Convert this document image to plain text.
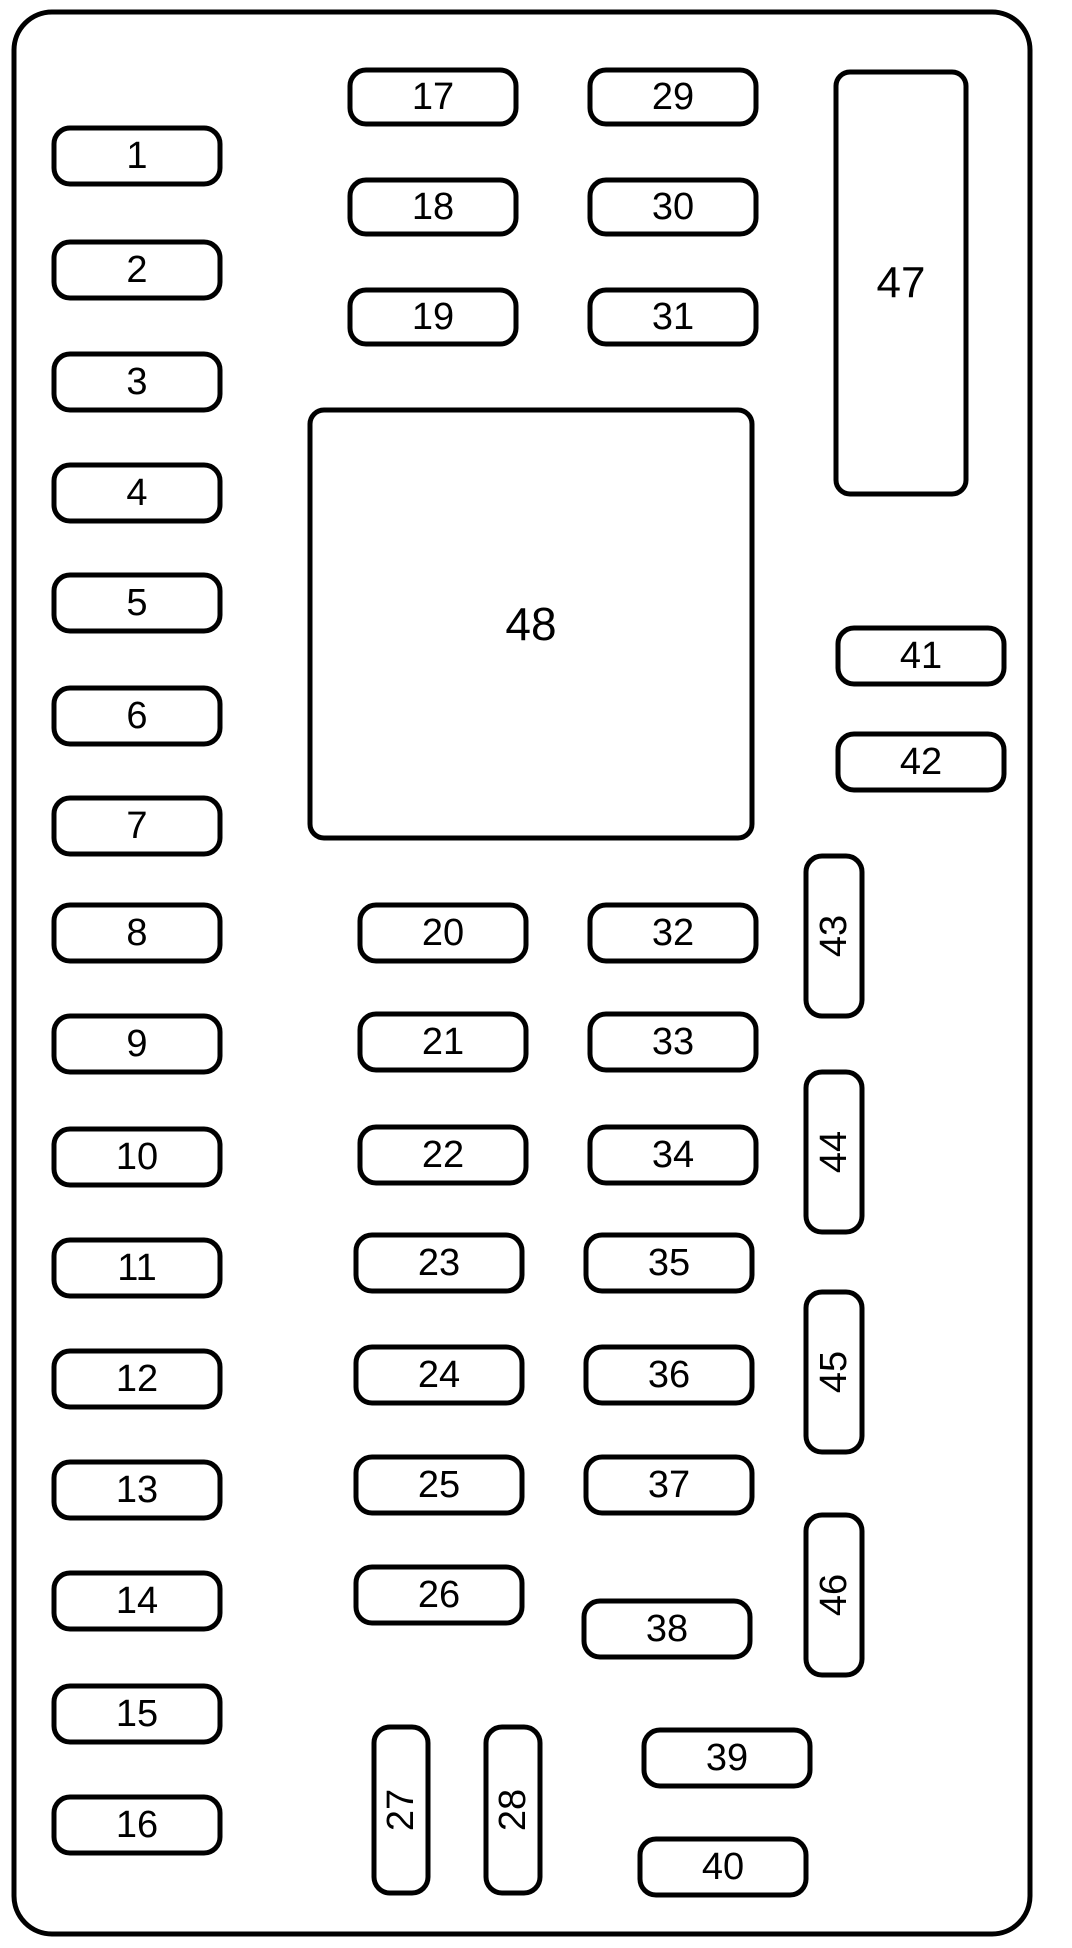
1
2
3
4
5
6
7
8
9
10
11
12
13
14
15
16
17
18
19
20
21
22
23
24
25
26
27 28
29
30
31
32
33
34
35
36
37
38
39
40
41
42
43
44
45
46
47
48
